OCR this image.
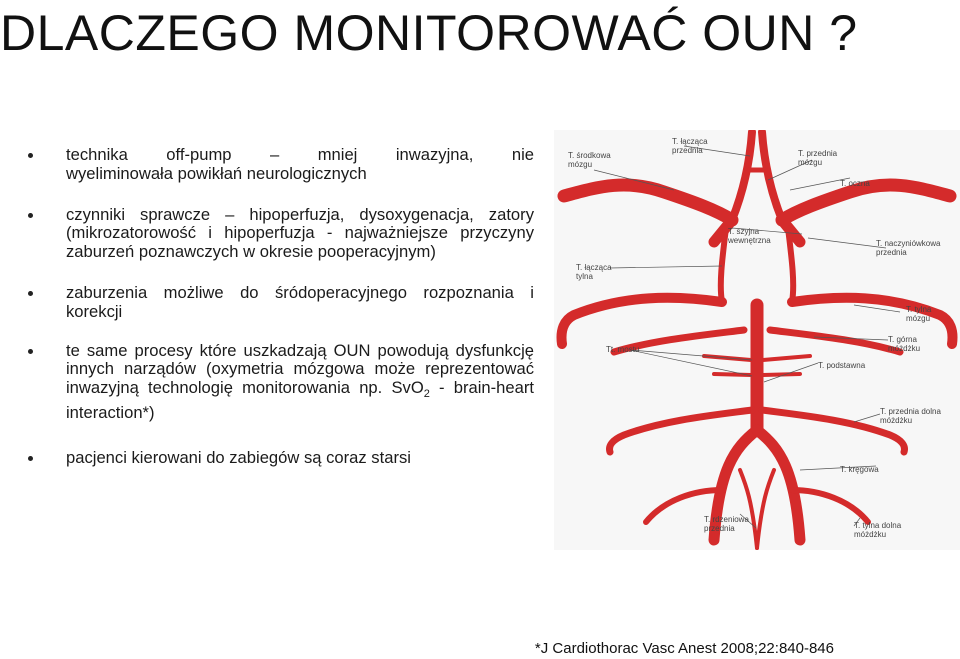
DLACZEGO MONITOROWAĆ OUN ?
technika off-pump – mniej inwazyjna, nie
wyeliminowała powikłań neurologicznych
czynniki sprawcze – hipoperfuzja, dysoxygenacja, zatory (mikrozatorowość i hipoperfuzja - najważniejsze przyczyny zaburzeń poznawczych w okresie pooperacyjnym)
zaburzenia możliwe do śródoperacyjnego rozpoznania i korekcji
te same procesy które uszkadzają OUN powodują dysfunkcję innych narządów (oxymetria mózgowa może reprezentować inwazyjną technologię monitorowania np. SvO$_2$ - brain-heart interaction*)
pacjenci kierowani do zabiegów są coraz starsi
T. łącząca przednia
T. środkowa mózgu
T. przednia mózgu
T. oczna
T. szyjna wewnętrzna	T. naczyniówkowa przednia
T. łącząca tylna
T. tylna mózgu
Tt. mostu
T. górna móżdżku
T. podstawna
T. przednia dolna móżdżku
T. kręgowa
T. rdzeniowa przednia	T. tylna dolna móżdżku
*J Cardiothorac Vasc Anest 2008;22:840-846
